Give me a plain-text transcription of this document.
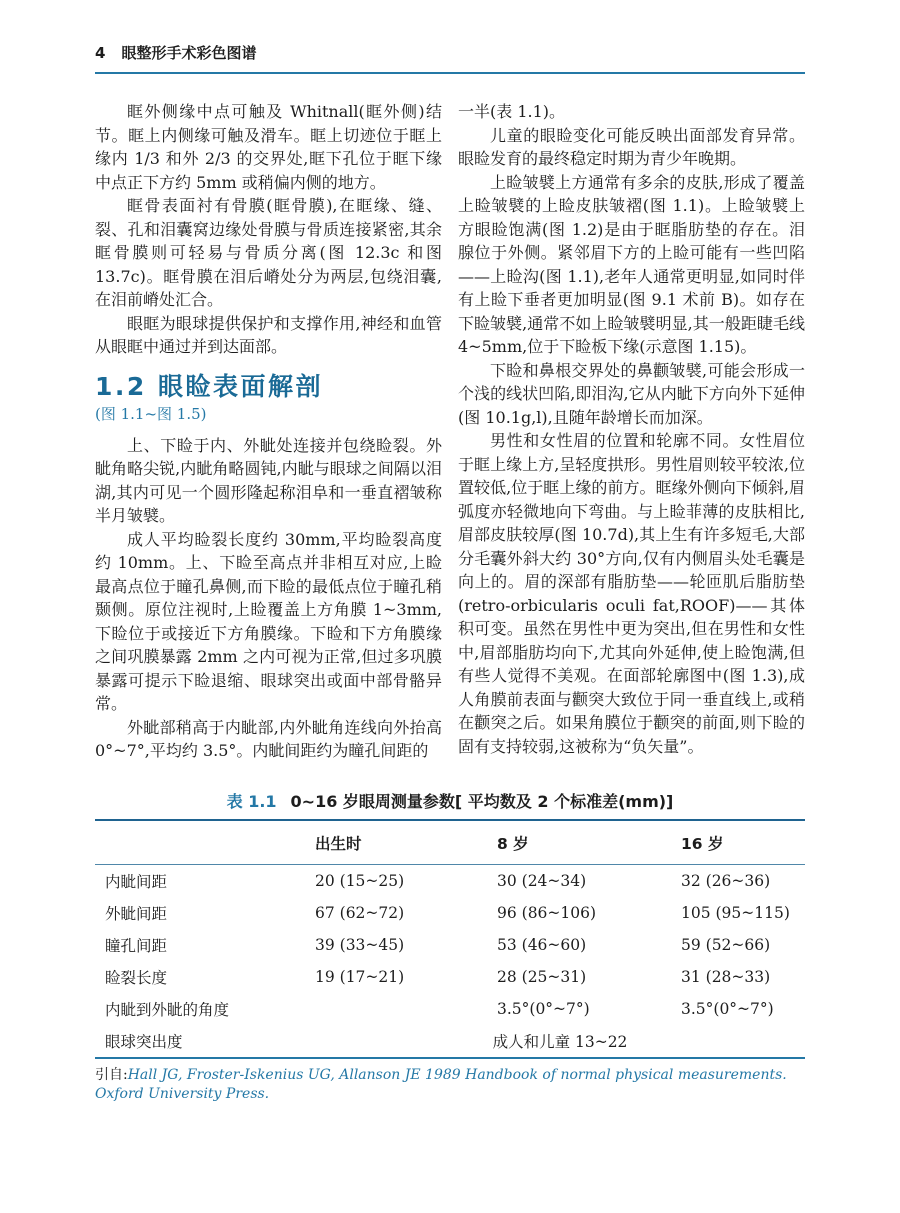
4 眼整形手术彩色图谱

眶外侧缘中点可触及 Whitnall(眶外侧)结节。眶上内侧缘可触及滑车。眶上切迹位于眶上缘内 1/3 和外 2/3 的交界处,眶下孔位于眶下缘中点正下方约 5mm 或稍偏内侧的地方。

眶骨表面衬有骨膜(眶骨膜),在眶缘、缝、裂、孔和泪囊窝边缘处骨膜与骨质连接紧密,其余眶骨膜则可轻易与骨质分离(图 12.3c 和图 13.7c)。眶骨膜在泪后嵴处分为两层,包绕泪囊,在泪前嵴处汇合。

眼眶为眼球提供保护和支撑作用,神经和血管从眼眶中通过并到达面部。

1.2 眼睑表面解剖
(图 1.1~图 1.5)

上、下睑于内、外眦处连接并包绕睑裂。外眦角略尖锐,内眦角略圆钝,内眦与眼球之间隔以泪湖,其内可见一个圆形隆起称泪阜和一垂直褶皱称半月皱襞。

成人平均睑裂长度约 30mm,平均睑裂高度约 10mm。上、下睑至高点并非相互对应,上睑最高点位于瞳孔鼻侧,而下睑的最低点位于瞳孔稍颞侧。原位注视时,上睑覆盖上方角膜 1~3mm,下睑位于或接近下方角膜缘。下睑和下方角膜缘之间巩膜暴露 2mm 之内可视为正常,但过多巩膜暴露可提示下睑退缩、眼球突出或面中部骨骼异常。

外眦部稍高于内眦部,内外眦角连线向外抬高 0°~7°,平均约 3.5°。内眦间距约为瞳孔间距的

一半(表 1.1)。

儿童的眼睑变化可能反映出面部发育异常。眼睑发育的最终稳定时期为青少年晚期。

上睑皱襞上方通常有多余的皮肤,形成了覆盖上睑皱襞的上睑皮肤皱褶(图 1.1)。上睑皱襞上方眼睑饱满(图 1.2)是由于眶脂肪垫的存在。泪腺位于外侧。紧邻眉下方的上睑可能有一些凹陷——上睑沟(图 1.1),老年人通常更明显,如同时伴有上睑下垂者更加明显(图 9.1 术前 B)。如存在下睑皱襞,通常不如上睑皱襞明显,其一般距睫毛线 4~5mm,位于下睑板下缘(示意图 1.15)。

下睑和鼻根交界处的鼻颧皱襞,可能会形成一个浅的线状凹陷,即泪沟,它从内眦下方向外下延伸(图 10.1g,l),且随年龄增长而加深。

男性和女性眉的位置和轮廓不同。女性眉位于眶上缘上方,呈轻度拱形。男性眉则较平较浓,位置较低,位于眶上缘的前方。眶缘外侧向下倾斜,眉弧度亦轻微地向下弯曲。与上睑菲薄的皮肤相比,眉部皮肤较厚(图 10.7d),其上生有许多短毛,大部分毛囊外斜大约 30°方向,仅有内侧眉头处毛囊是向上的。眉的深部有脂肪垫——轮匝肌后脂肪垫(retro-orbicularis oculi fat,ROOF)——其体积可变。虽然在男性中更为突出,但在男性和女性中,眉部脂肪均向下,尤其向外延伸,使上睑饱满,但有些人觉得不美观。在面部轮廓图中(图 1.3),成人角膜前表面与颧突大致位于同一垂直线上,或稍在颧突之后。如果角膜位于颧突的前面,则下睑的固有支持较弱,这被称为“负矢量”。

表 1.1 0~16 岁眼周测量参数[ 平均数及 2 个标准差(mm)]
	出生时	8 岁	16 岁
内眦间距	20 (15~25)	30 (24~34)	32 (26~36)
外眦间距	67 (62~72)	96 (86~106)	105 (95~115)
瞳孔间距	39 (33~45)	53 (46~60)	59 (52~66)
睑裂长度	19 (17~21)	28 (25~31)	31 (28~33)
内眦到外眦的角度		3.5°(0°~7°)	3.5°(0°~7°)
眼球突出度	成人和儿童 13~22		
引自:Hall JG, Froster-Iskenius UG, Allanson JE 1989 Handbook of normal physical measurements. Oxford University Press.
